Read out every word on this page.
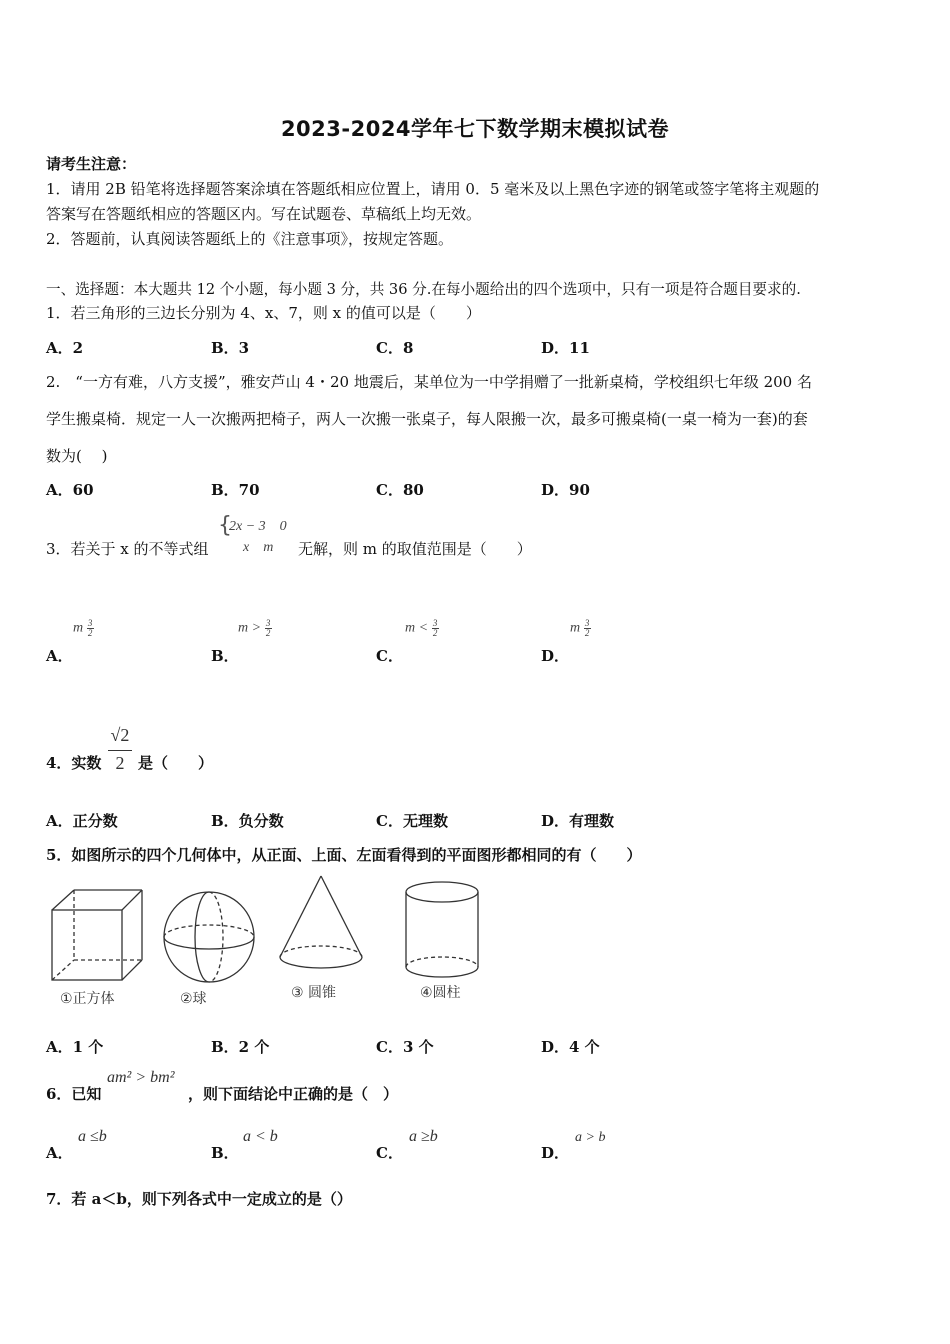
2023-2024学年七下数学期末模拟试卷
请考生注意：
1．请用 2B 铅笔将选择题答案涂填在答题纸相应位置上，请用 0．5 毫米及以上黑色字迹的钢笔或签字笔将主观题的
答案写在答题纸相应的答题区内。写在试题卷、草稿纸上均无效。
2．答题前，认真阅读答题纸上的《注意事项》，按规定答题。
一、选择题：本大题共 12 个小题，每小题 3 分，共 36 分.在每小题给出的四个选项中，只有一项是符合题目要求的.
1．若三角形的三边长分别为 4、x、7，则 x 的值可以是（　　）
A．2	B．3	C．8	D．11
2.　“一方有难，八方支援”，雅安芦山 4・20 地震后，某单位为一中学捐赠了一批新桌椅，学校组织七年级 200 名
学生搬桌椅．规定一人一次搬两把椅子，两人一次搬一张桌子，每人限搬一次，最多可搬桌椅(一桌一椅为一套)的套
数为(　 )
A．60	B．70	C．80	D．90
3．若关于 x 的不等式组
{
2x − 3　0
x　m 无解，则 m 的取值范围是（　　）
m $\frac{3}{2}$	$m > \frac{3}{2}$	$m < \frac{3}{2}$	m $\frac{3}{2}$
A．	B．	C．	D．
4．实数
√2
2 是（　　）
A．正分数	B．负分数	C．无理数	D．有理数
5．如图所示的四个几何体中，从正面、上面、左面看得到的平面图形都相同的有（　　）
①正方体	②球	③ 圆锥	④圆柱
A．1 个	B．2 个	C．3 个	D．4 个
6．已知
am² > bm²
，则下面结论中正确的是（　）
a ≤b	a < b	a ≥b	a > b
A．	B．	C．	D．
7．若 a＜b，则下列各式中一定成立的是（）
